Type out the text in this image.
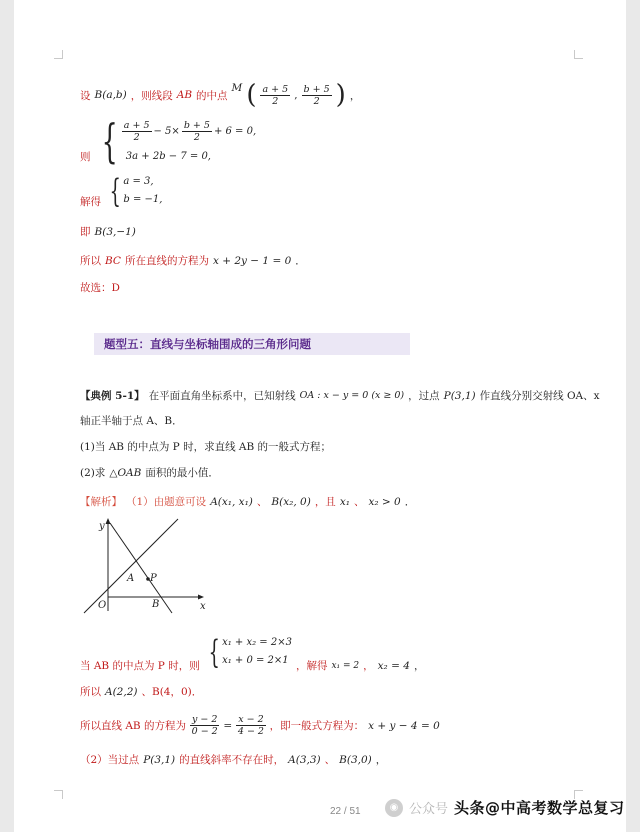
设 B(a,b) ，则线段 AB 的中点
M ( $\frac{a + 5}{2}$ , $\frac{b + 5}{2}$ ) ，
则 { $\frac{a + 5}{2} - 5\times \frac{b + 5}{2} + 6 = 0$,
3a + 2b − 7 = 0,
解得 { a = 3,
b = −1,
即 B(3,−1)
所以 BC 所在直线的方程为 x + 2y − 1 = 0 ．
故选：D
题型五：直线与坐标轴围成的三角形问题
【典例 5-1】 在平面直角坐标系中，已知射线 OA : x − y = 0 (x ≥ 0) ，过点 P(3,1) 作直线分别交射线 OA、x
轴正半轴于点 A、B．
(1)当 AB 的中点为 P 时，求直线 AB 的一般式方程；
(2)求 △OAB 面积的最小值．
【解析】 （1）由题意可设 A(x₁, x₁) 、 B(x₂, 0) ，且 x₁ 、 x₂ > 0 ．
y
x
O
A
B
P
当 AB 的中点为 P 时，则 { x₁ + x₂ = 2×3
x₁ + 0 = 2×1 ，解得 x₁ = 2 ， x₂ = 4 ，
所以 A(2,2) 、B(4，0)．
所以直线 AB 的方程为 $\frac{y - 2}{0 - 2} = \frac{x - 2}{4 - 2}$ ，即一般式方程为： x + y − 4 = 0
（2）当过点 P(3,1) 的直线斜率不存在时， A(3,3) 、 B(3,0) ，
22 / 51	◉ 公众号 头条@中高考数学总复习
